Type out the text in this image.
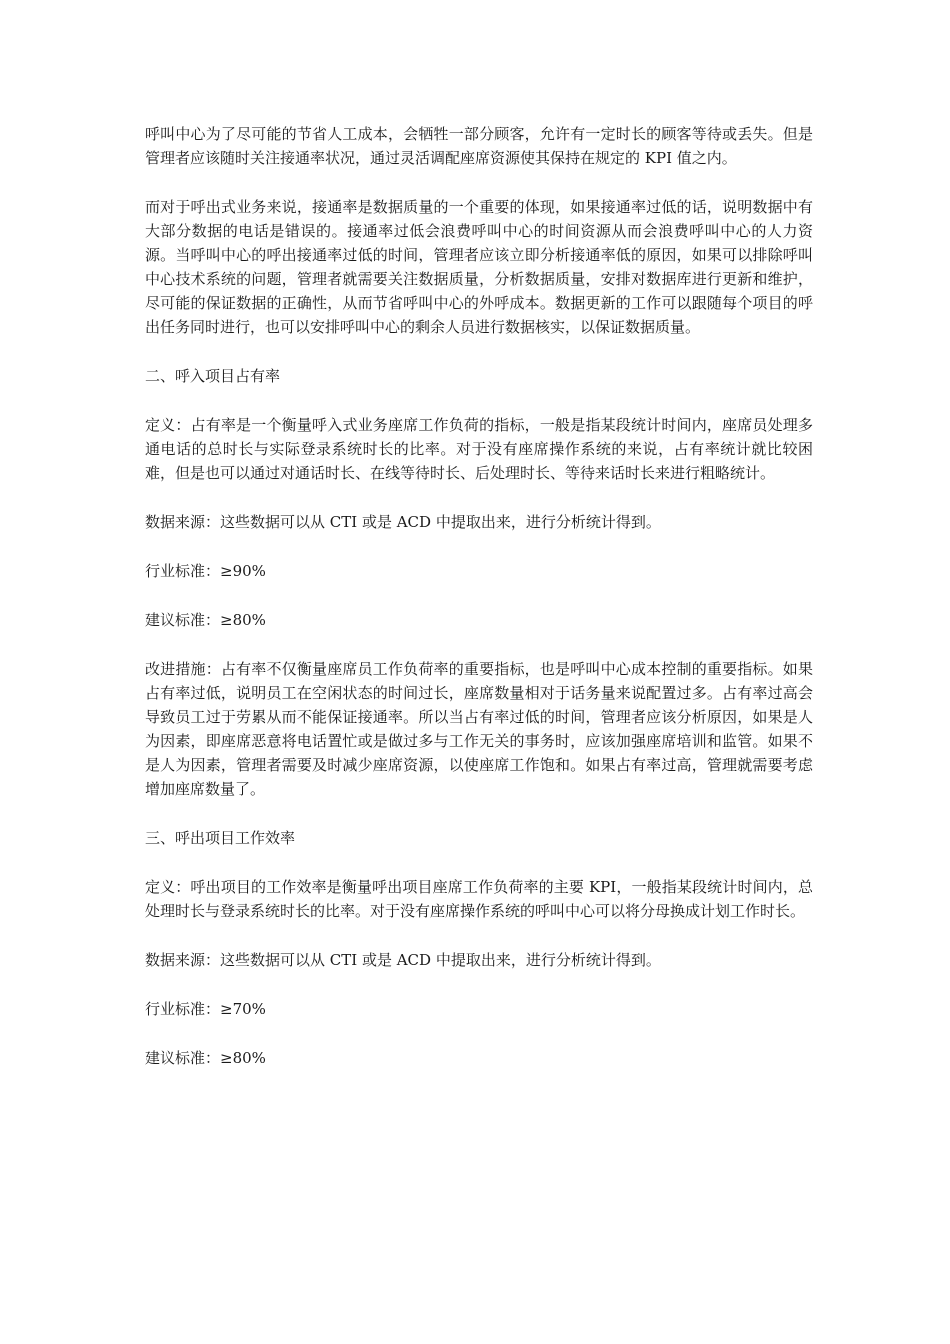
呼叫中心为了尽可能的节省人工成本，会牺牲一部分顾客，允许有一定时长的顾客等待或丢失。但是管理者应该随时关注接通率状况，通过灵活调配座席资源使其保持在规定的 KPI 值之内。

而对于呼出式业务来说，接通率是数据质量的一个重要的体现，如果接通率过低的话，说明数据中有大部分数据的电话是错误的。接通率过低会浪费呼叫中心的时间资源从而会浪费呼叫中心的人力资源。当呼叫中心的呼出接通率过低的时间，管理者应该立即分析接通率低的原因，如果可以排除呼叫中心技术系统的问题，管理者就需要关注数据质量，分析数据质量，安排对数据库进行更新和维护，尽可能的保证数据的正确性，从而节省呼叫中心的外呼成本。数据更新的工作可以跟随每个项目的呼出任务同时进行，也可以安排呼叫中心的剩余人员进行数据核实，以保证数据质量。

二、呼入项目占有率

定义：占有率是一个衡量呼入式业务座席工作负荷的指标，一般是指某段统计时间内，座席员处理多通电话的总时长与实际登录系统时长的比率。对于没有座席操作系统的来说，占有率统计就比较困难，但是也可以通过对通话时长、在线等待时长、后处理时长、等待来话时长来进行粗略统计。

数据来源：这些数据可以从 CTI 或是 ACD 中提取出来，进行分析统计得到。

行业标准：≥90%

建议标准：≥80%

改进措施：占有率不仅衡量座席员工作负荷率的重要指标，也是呼叫中心成本控制的重要指标。如果占有率过低，说明员工在空闲状态的时间过长，座席数量相对于话务量来说配置过多。占有率过高会导致员工过于劳累从而不能保证接通率。所以当占有率过低的时间，管理者应该分析原因，如果是人为因素，即座席恶意将电话置忙或是做过多与工作无关的事务时，应该加强座席培训和监管。如果不是人为因素，管理者需要及时减少座席资源，以使座席工作饱和。如果占有率过高，管理就需要考虑增加座席数量了。

三、呼出项目工作效率

定义：呼出项目的工作效率是衡量呼出项目座席工作负荷率的主要 KPI，一般指某段统计时间内，总处理时长与登录系统时长的比率。对于没有座席操作系统的呼叫中心可以将分母换成计划工作时长。

数据来源：这些数据可以从 CTI 或是 ACD 中提取出来，进行分析统计得到。

行业标准：≥70%

建议标准：≥80%
